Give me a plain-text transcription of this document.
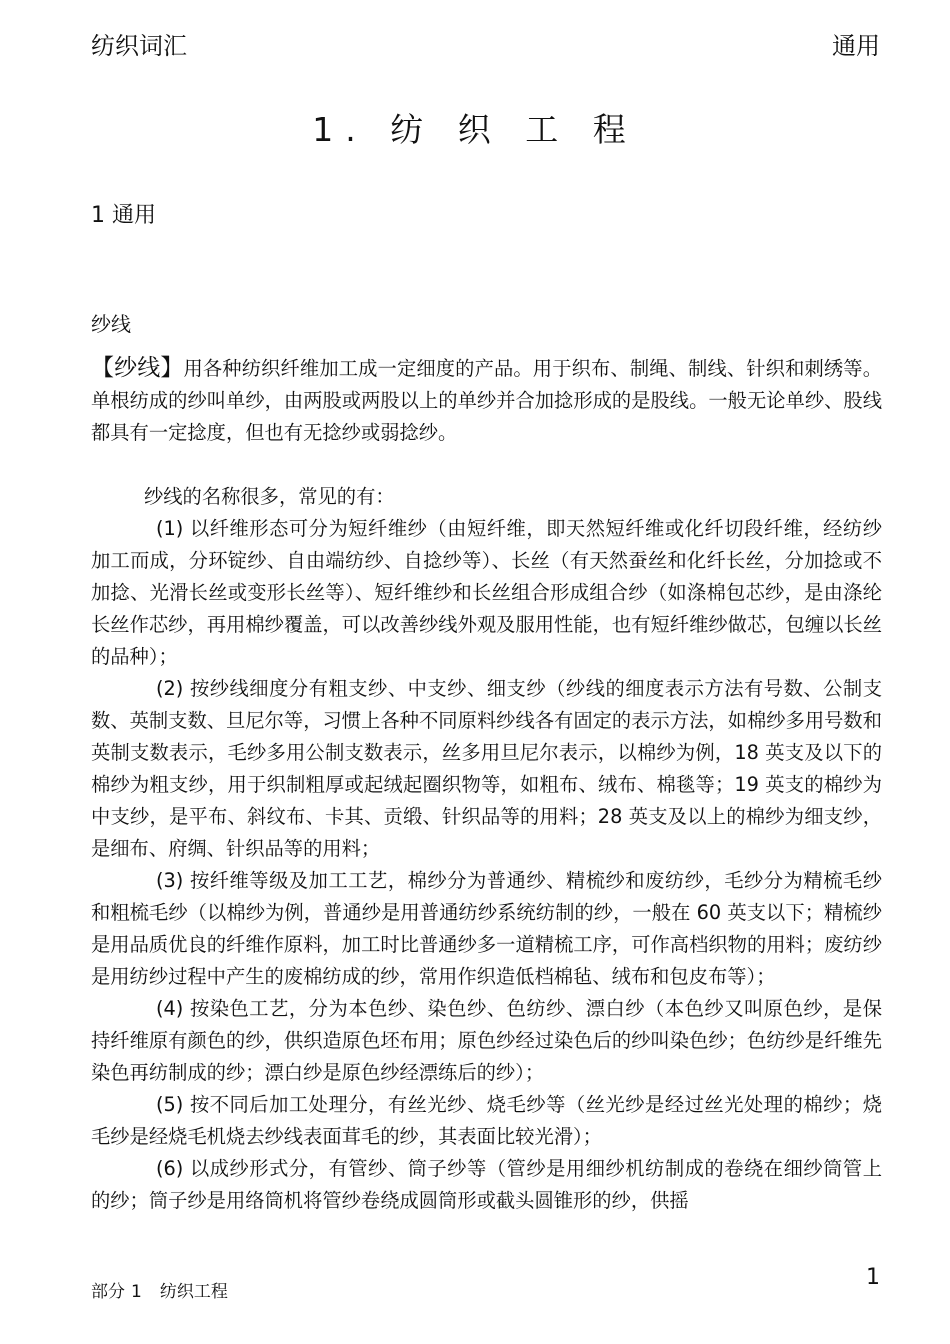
纺织词汇	通用
1. 纺 织 工 程
1 通用
纱线

【纱线】用各种纺织纤维加工成一定细度的产品。用于织布、制绳、制线、针织和刺绣等。单根纺成的纱叫单纱，由两股或两股以上的单纱并合加捻形成的是股线。一般无论单纱、股线都具有一定捻度，但也有无捻纱或弱捻纱。

纱线的名称很多，常见的有：

(1) 以纤维形态可分为短纤维纱（由短纤维，即天然短纤维或化纤切段纤维，经纺纱加工而成，分环锭纱、自由端纺纱、自捻纱等）、长丝（有天然蚕丝和化纤长丝，分加捻或不加捻、光滑长丝或变形长丝等）、短纤维纱和长丝组合形成组合纱（如涤棉包芯纱，是由涤纶长丝作芯纱，再用棉纱覆盖，可以改善纱线外观及服用性能，也有短纤维纱做芯，包缠以长丝的品种）；

(2) 按纱线细度分有粗支纱、中支纱、细支纱（纱线的细度表示方法有号数、公制支数、英制支数、旦尼尔等，习惯上各种不同原料纱线各有固定的表示方法，如棉纱多用号数和英制支数表示，毛纱多用公制支数表示，丝多用旦尼尔表示，以棉纱为例，18 英支及以下的棉纱为粗支纱，用于织制粗厚或起绒起圈织物等，如粗布、绒布、棉毯等；19 英支的棉纱为中支纱，是平布、斜纹布、卡其、贡缎、针织品等的用料；28 英支及以上的棉纱为细支纱，是细布、府绸、针织品等的用料；

(3) 按纤维等级及加工工艺，棉纱分为普通纱、精梳纱和废纺纱，毛纱分为精梳毛纱和粗梳毛纱（以棉纱为例，普通纱是用普通纺纱系统纺制的纱，一般在 60 英支以下；精梳纱是用品质优良的纤维作原料，加工时比普通纱多一道精梳工序，可作高档织物的用料；废纺纱是用纺纱过程中产生的废棉纺成的纱，常用作织造低档棉毡、绒布和包皮布等）；

(4) 按染色工艺，分为本色纱、染色纱、色纺纱、漂白纱（本色纱又叫原色纱，是保持纤维原有颜色的纱，供织造原色坯布用；原色纱经过染色后的纱叫染色纱；色纺纱是纤维先染色再纺制成的纱；漂白纱是原色纱经漂练后的纱）；

(5) 按不同后加工处理分，有丝光纱、烧毛纱等（丝光纱是经过丝光处理的棉纱；烧毛纱是经烧毛机烧去纱线表面茸毛的纱，其表面比较光滑）；

(6) 以成纱形式分，有管纱、筒子纱等（管纱是用细纱机纺制成的卷绕在细纱筒管上的纱；筒子纱是用络筒机将管纱卷绕成圆筒形或截头圆锥形的纱，供摇

部分 1 纺织工程
1
